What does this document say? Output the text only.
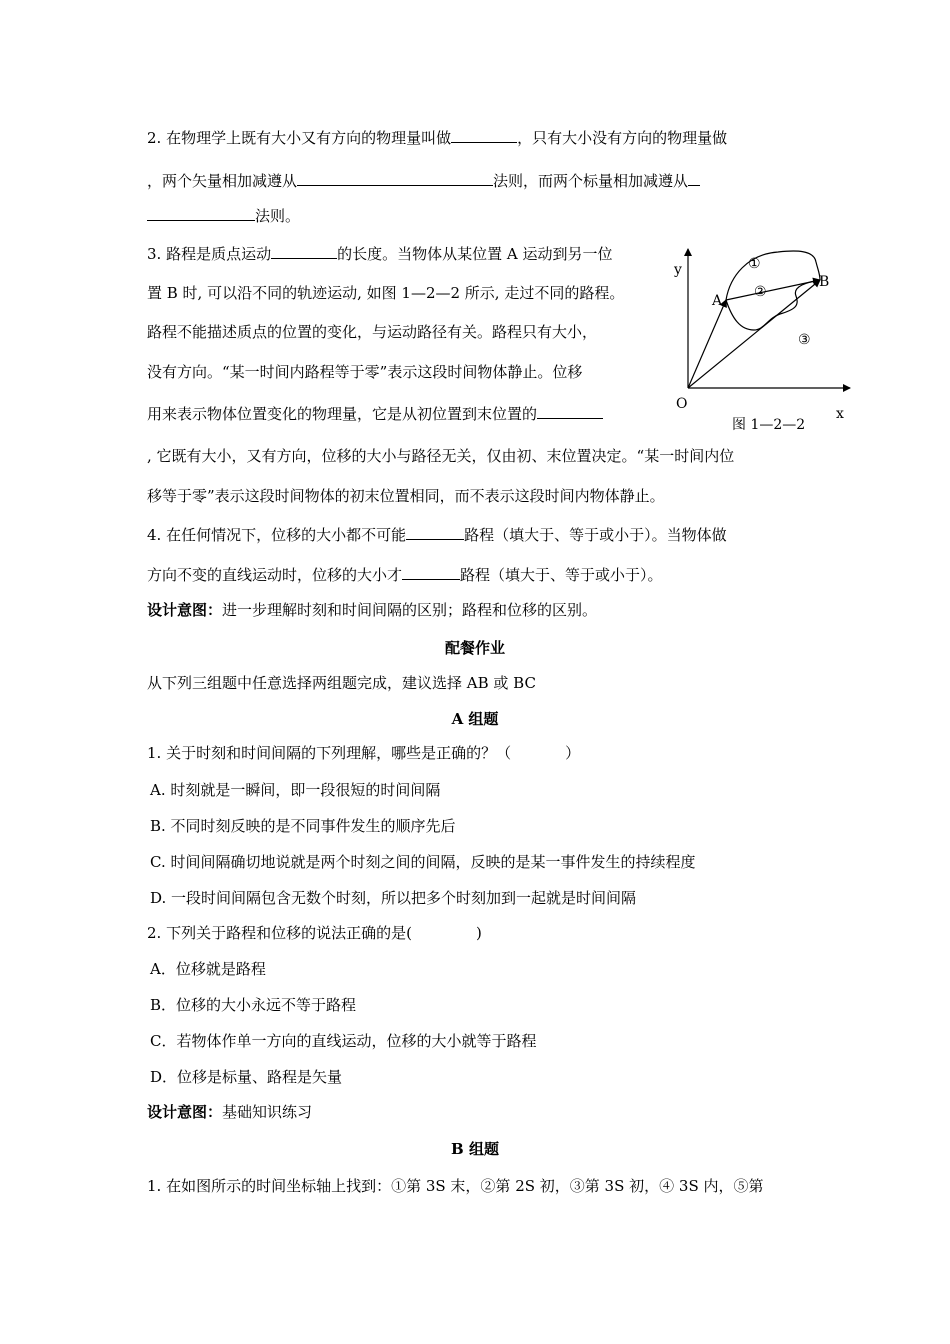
2. 在物理学上既有大小又有方向的物理量叫做	，只有大小没有方向的物理量做
，两个矢量相加减遵从	法则，而两个标量相加减遵从
法则。
3. 路程是质点运动	的长度。当物体从某位置 A 运动到另一位
置 B 时, 可以沿不同的轨迹运动, 如图 1—2—2 所示, 走过不同的路程。
路程不能描述质点的位置的变化，与运动路径有关。路程只有大小，
没有方向。“某一时间内路程等于零”表示这段时间物体静止。位移
用来表示物体位置变化的物理量，它是从初位置到末位置的
, 它既有大小，又有方向，位移的大小与路径无关，仅由初、末位置决定。“某一时间内位
移等于零”表示这段时间物体的初末位置相同，而不表示这段时间内物体静止。
y
x
O
A
B
①
②
③
图 1—2—2
4. 在任何情况下，位移的大小都不可能	路程（填大于、等于或小于）。当物体做
方向不变的直线运动时，位移的大小才	路程（填大于、等于或小于）。
设计意图：进一步理解时刻和时间间隔的区别；路程和位移的区别。
配餐作业
从下列三组题中任意选择两组题完成，建议选择 AB 或 BC
A 组题
1. 关于时刻和时间间隔的下列理解，哪些是正确的？（	）
A. 时刻就是一瞬间，即一段很短的时间间隔
B. 不同时刻反映的是不同事件发生的顺序先后
C. 时间间隔确切地说就是两个时刻之间的间隔，反映的是某一事件发生的持续程度
D. 一段时间间隔包含无数个时刻，所以把多个时刻加到一起就是时间间隔
2. 下列关于路程和位移的说法正确的是(	)
A．位移就是路程
B．位移的大小永远不等于路程
C．若物体作单一方向的直线运动，位移的大小就等于路程
D．位移是标量、路程是矢量
设计意图：基础知识练习
B 组题
1. 在如图所示的时间坐标轴上找到：①第 3S 末，②第 2S 初，③第 3S 初，④ 3S 内，⑤第
